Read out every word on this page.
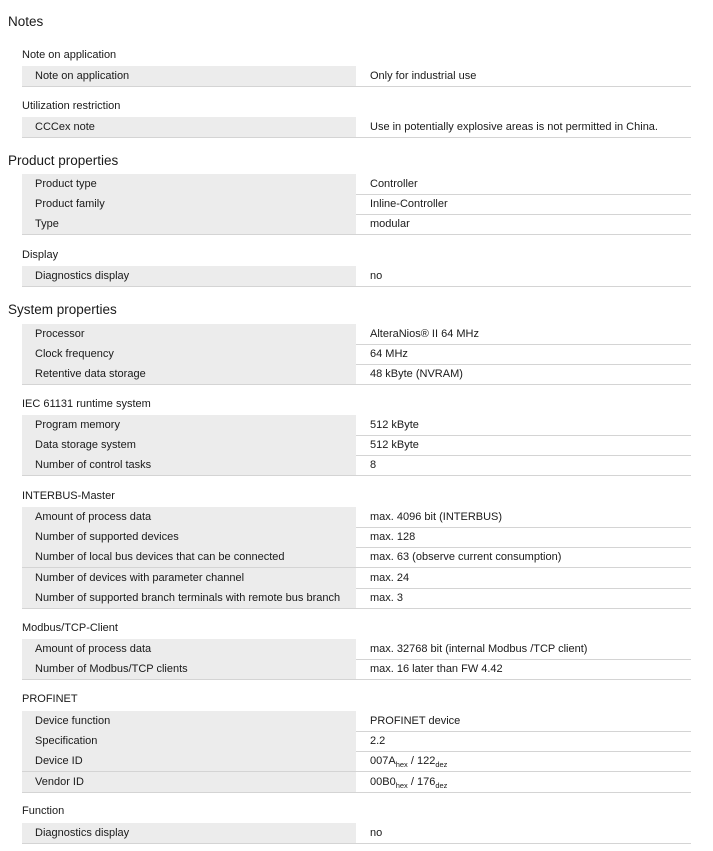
Notes
Note on application
Note on application	Only for industrial use
Utilization restriction
CCCex note	Use in potentially explosive areas is not permitted in China.
Product properties
Product type	Controller
Product family	Inline-Controller
Type	modular
Display
Diagnostics display	no
System properties
Processor	AlteraNios® II 64 MHz
Clock frequency	64 MHz
Retentive data storage	48 kByte (NVRAM)
IEC 61131 runtime system
Program memory	512 kByte
Data storage system	512 kByte
Number of control tasks	8
INTERBUS-Master
Amount of process data	max. 4096 bit (INTERBUS)
Number of supported devices	max. 128
Number of local bus devices that can be connected	max. 63 (observe current consumption)
Number of devices with parameter channel	max. 24
Number of supported branch terminals with remote bus branch	max. 3
Modbus/TCP-Client
Amount of process data	max. 32768 bit (internal Modbus /TCP client)
Number of Modbus/TCP clients	max. 16 later than FW 4.42
PROFINET
Device function	PROFINET device
Specification	2.2
Device ID	$007A_{hex} / 122_{dez}$
Vendor ID	$00B0_{hex} / 176_{dez}$
Function
Diagnostics display	no
